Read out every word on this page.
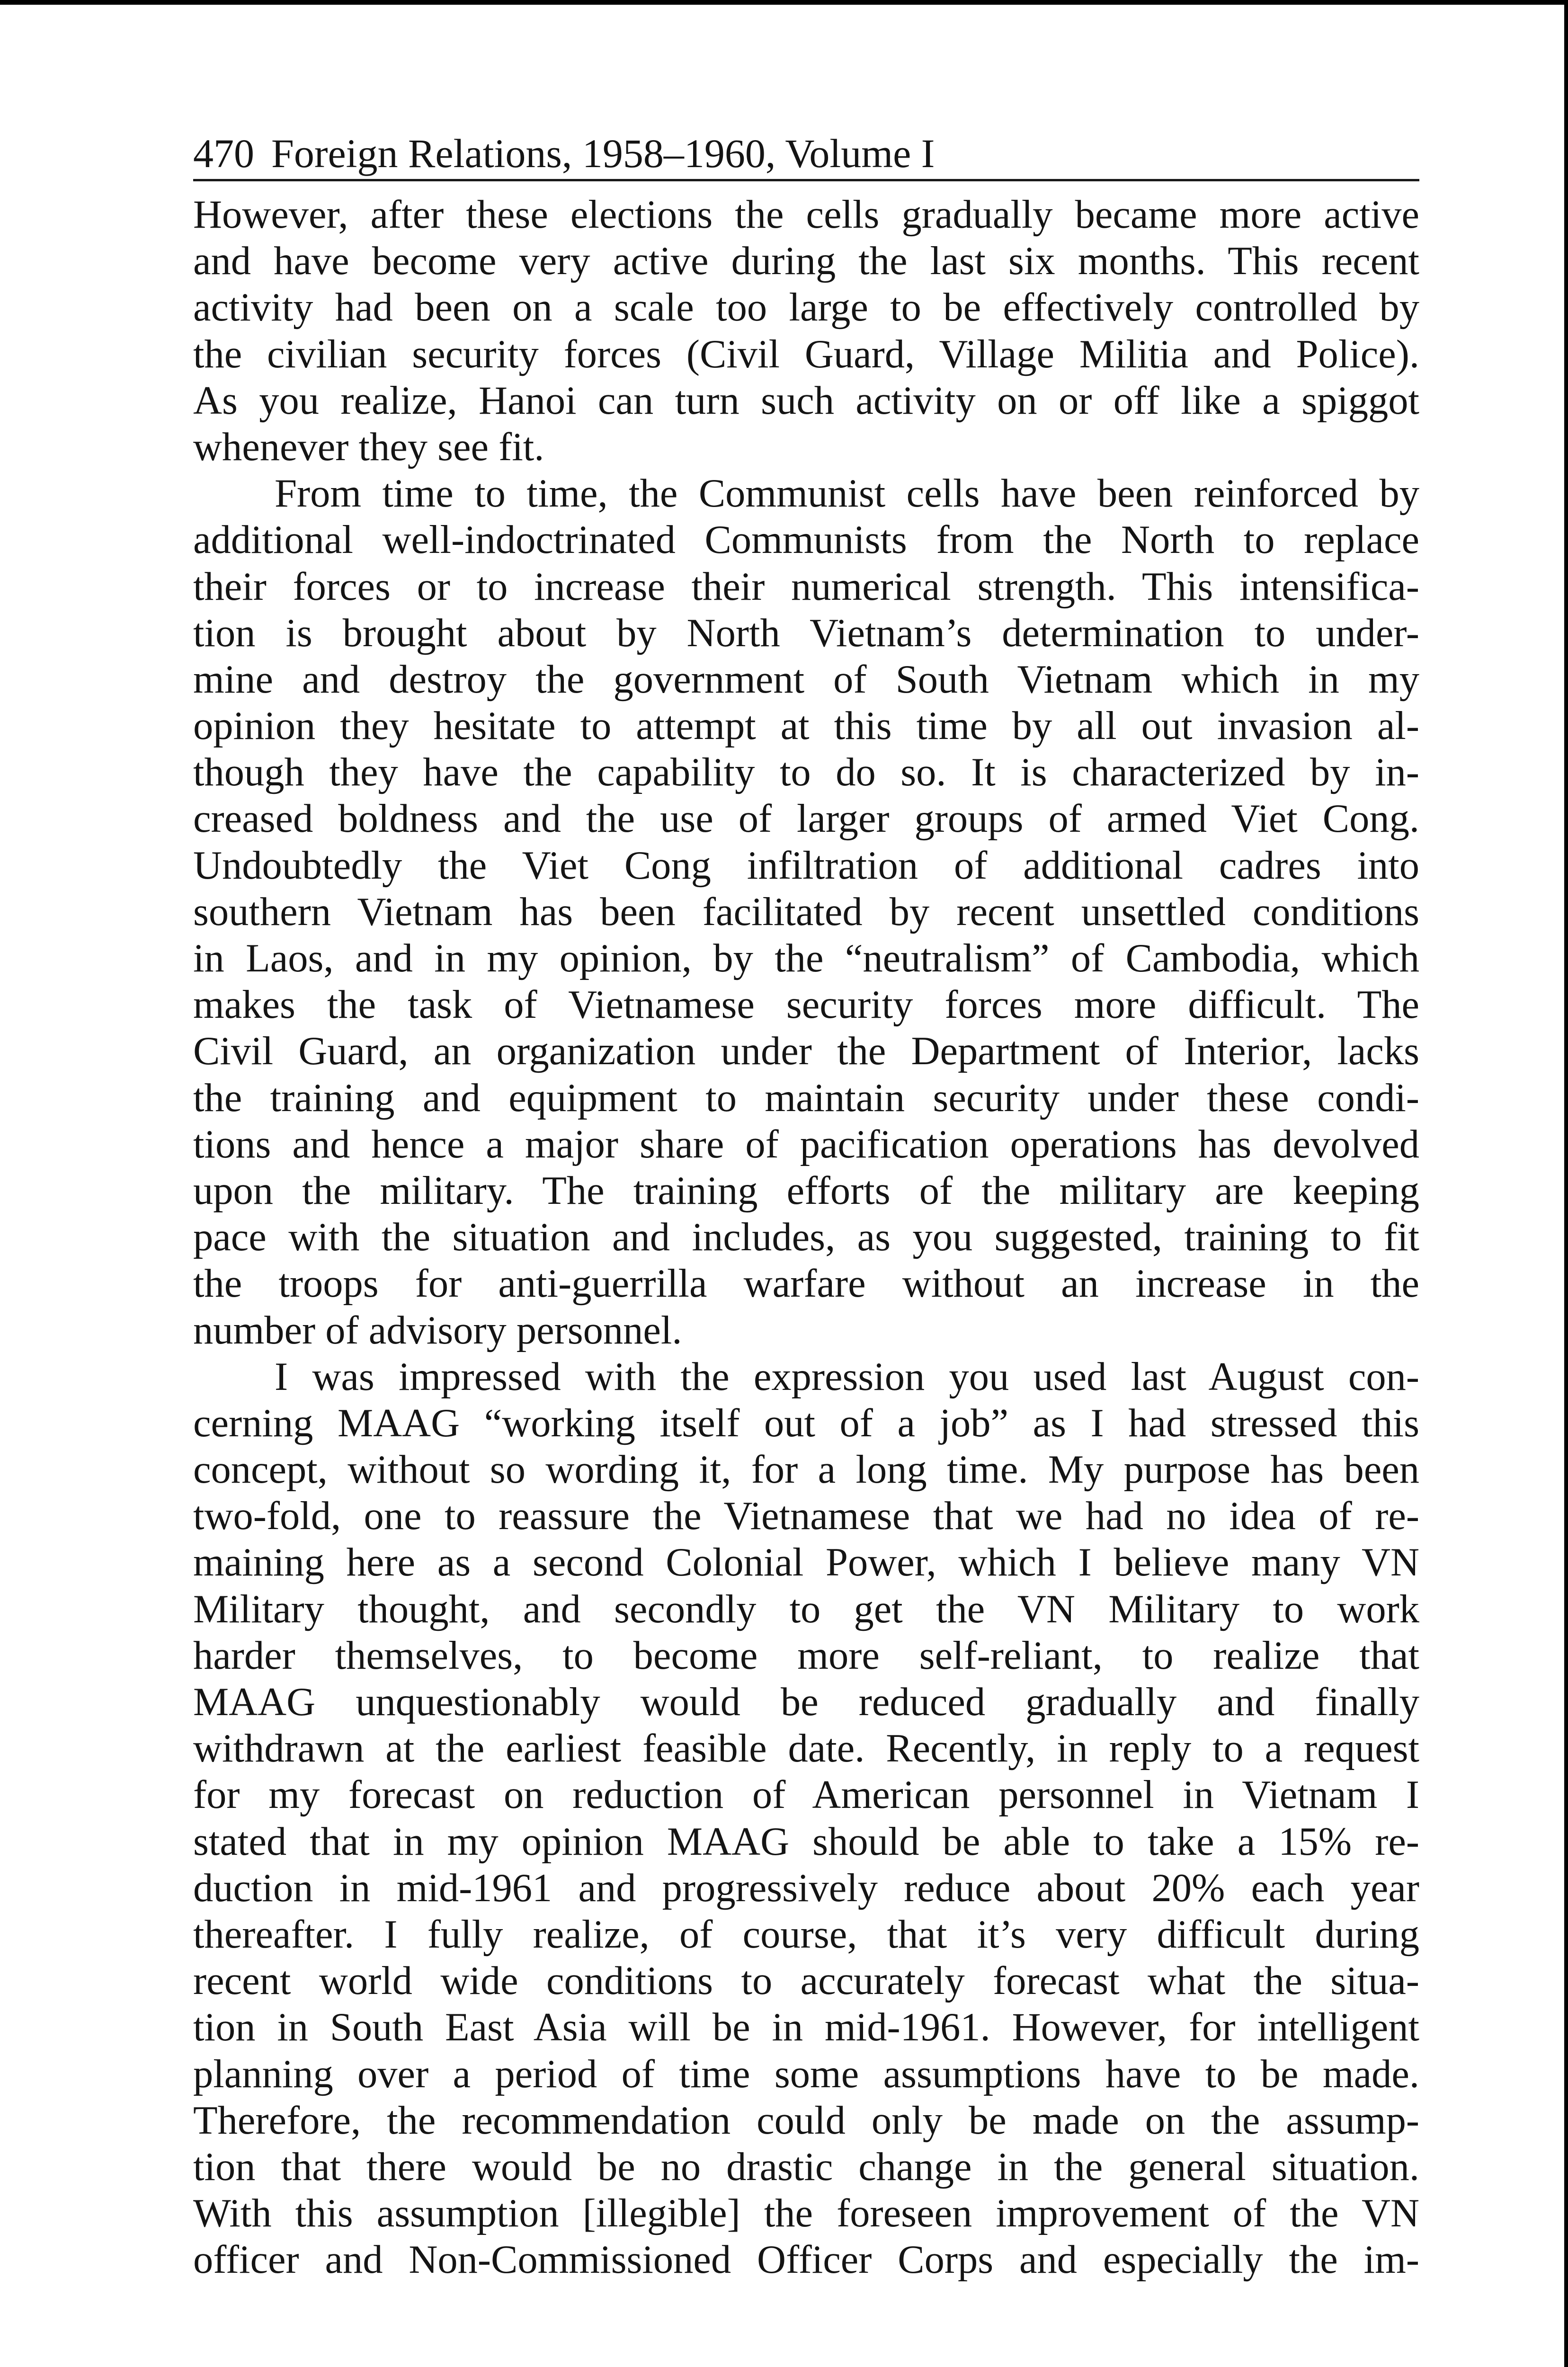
470 Foreign Relations, 1958–1960, Volume I
However, after these elections the cells gradually became more active
and have become very active during the last six months. This recent
activity had been on a scale too large to be effectively controlled by
the civilian security forces (Civil Guard, Village Militia and Police).
As you realize, Hanoi can turn such activity on or off like a spiggot
whenever they see fit.
From time to time, the Communist cells have been reinforced by
additional well-indoctrinated Communists from the North to replace
their forces or to increase their numerical strength. This intensifica-
tion is brought about by North Vietnam’s determination to under-
mine and destroy the government of South Vietnam which in my
opinion they hesitate to attempt at this time by all out invasion al-
though they have the capability to do so. It is characterized by in-
creased boldness and the use of larger groups of armed Viet Cong.
Undoubtedly the Viet Cong infiltration of additional cadres into
southern Vietnam has been facilitated by recent unsettled conditions
in Laos, and in my opinion, by the “neutralism” of Cambodia, which
makes the task of Vietnamese security forces more difficult. The
Civil Guard, an organization under the Department of Interior, lacks
the training and equipment to maintain security under these condi-
tions and hence a major share of pacification operations has devolved
upon the military. The training efforts of the military are keeping
pace with the situation and includes, as you suggested, training to fit
the troops for anti-guerrilla warfare without an increase in the
number of advisory personnel.
I was impressed with the expression you used last August con-
cerning MAAG “working itself out of a job” as I had stressed this
concept, without so wording it, for a long time. My purpose has been
two-fold, one to reassure the Vietnamese that we had no idea of re-
maining here as a second Colonial Power, which I believe many VN
Military thought, and secondly to get the VN Military to work
harder themselves, to become more self-reliant, to realize that
MAAG unquestionably would be reduced gradually and finally
withdrawn at the earliest feasible date. Recently, in reply to a request
for my forecast on reduction of American personnel in Vietnam I
stated that in my opinion MAAG should be able to take a 15% re-
duction in mid-1961 and progressively reduce about 20% each year
thereafter. I fully realize, of course, that it’s very difficult during
recent world wide conditions to accurately forecast what the situa-
tion in South East Asia will be in mid-1961. However, for intelligent
planning over a period of time some assumptions have to be made.
Therefore, the recommendation could only be made on the assump-
tion that there would be no drastic change in the general situation.
With this assumption [illegible] the foreseen improvement of the VN
officer and Non-Commissioned Officer Corps and especially the im-
